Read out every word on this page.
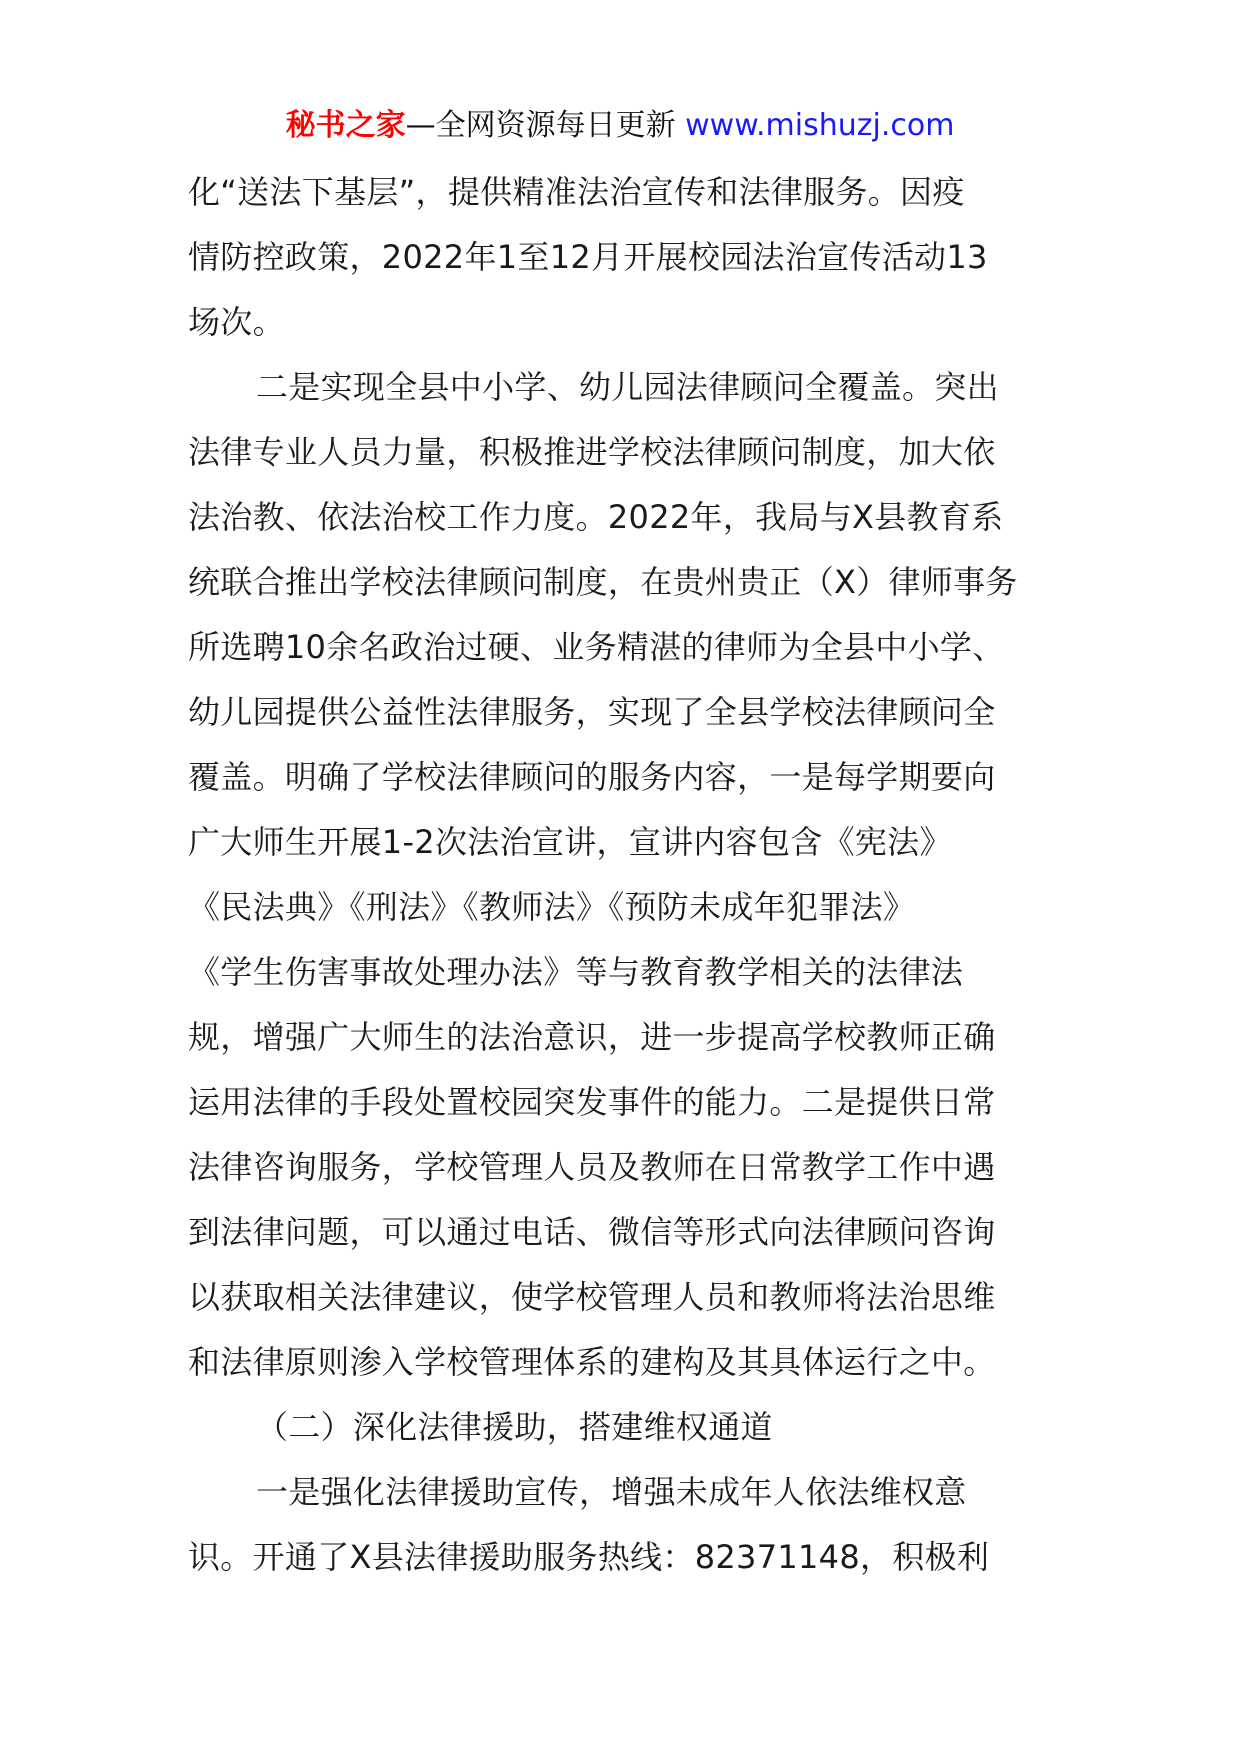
秘书之家—全网资源每日更新 www.mishuzj.com
化“送法下基层”，提供精准法治宣传和法律服务。因疫
情防控政策，2022年1至12月开展校园法治宣传活动13
场次。
二是实现全县中小学、幼儿园法律顾问全覆盖。突出
法律专业人员力量，积极推进学校法律顾问制度，加大依
法治教、依法治校工作力度。2022年，我局与X县教育系
统联合推出学校法律顾问制度，在贵州贵正（X）律师事务
所选聘10余名政治过硬、业务精湛的律师为全县中小学、
幼儿园提供公益性法律服务，实现了全县学校法律顾问全
覆盖。明确了学校法律顾问的服务内容，一是每学期要向
广大师生开展1-2次法治宣讲，宣讲内容包含《宪法》
《民法典》《刑法》《教师法》《预防未成年犯罪法》
《学生伤害事故处理办法》等与教育教学相关的法律法
规，增强广大师生的法治意识，进一步提高学校教师正确
运用法律的手段处置校园突发事件的能力。二是提供日常
法律咨询服务，学校管理人员及教师在日常教学工作中遇
到法律问题，可以通过电话、微信等形式向法律顾问咨询
以获取相关法律建议，使学校管理人员和教师将法治思维
和法律原则渗入学校管理体系的建构及其具体运行之中。
（二）深化法律援助，搭建维权通道
一是强化法律援助宣传，增强未成年人依法维权意
识。开通了X县法律援助服务热线：82371148，积极利
